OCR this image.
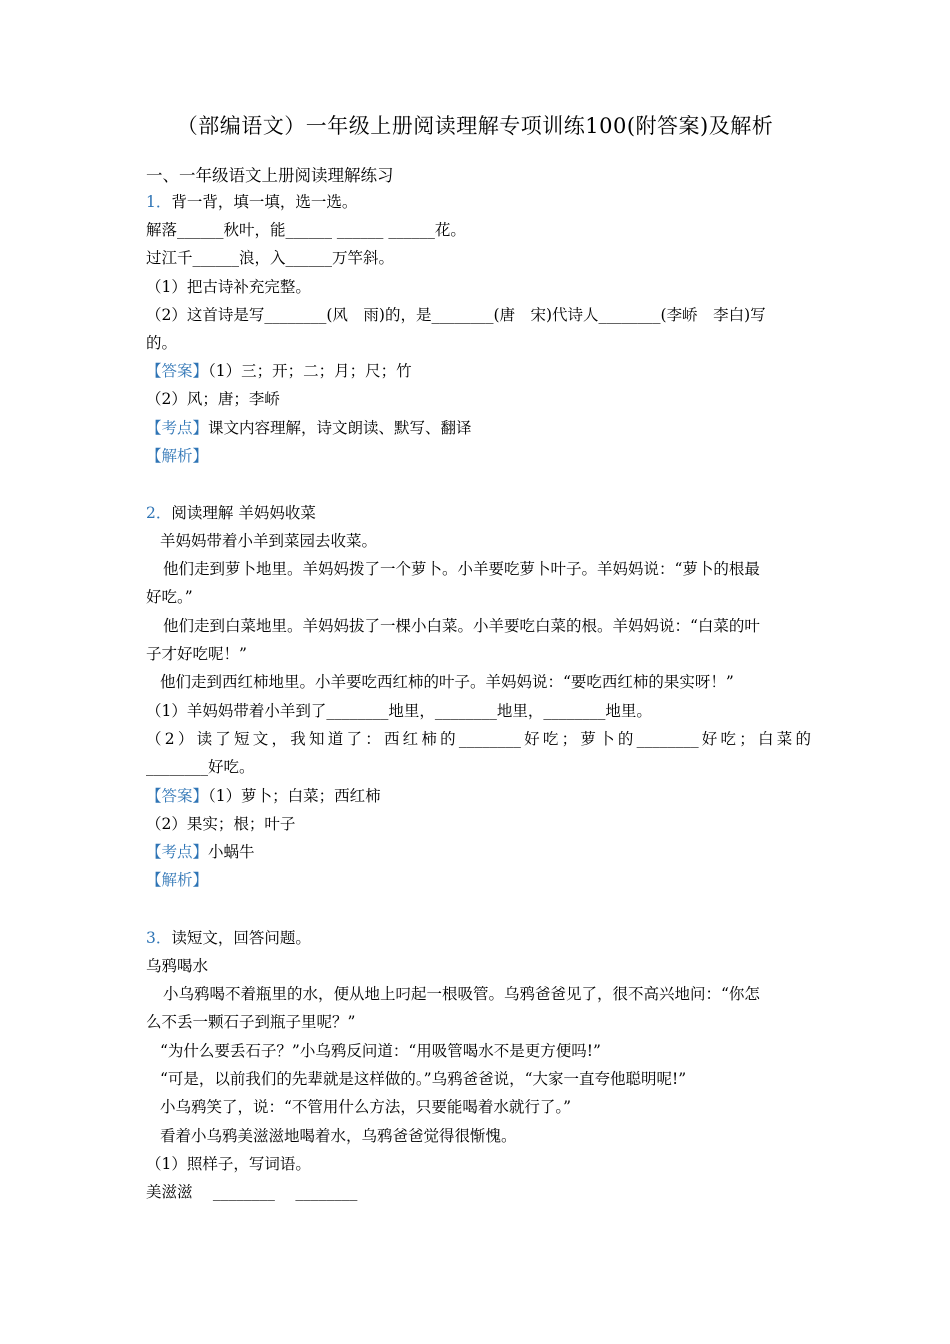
（部编语文）一年级上册阅读理解专项训练100(附答案)及解析
一、一年级语文上册阅读理解练习
1．背一背，填一填，选一选。
解落______秋叶，能______ ______ ______花。
过江千______浪，入______万竿斜。
（1）把古诗补充完整。
（2）这首诗是写________(风　雨)的，是________(唐　宋)代诗人________(李峤　李白)写
的。
【答案】（1）三；开；二；月；尺；竹
（2）风；唐；李峤
【考点】课文内容理解，诗文朗读、默写、翻译
【解析】
2．阅读理解 羊妈妈收菜
羊妈妈带着小羊到菜园去收菜。
他们走到萝卜地里。羊妈妈拨了一个萝卜。小羊要吃萝卜叶子。羊妈妈说：“萝卜的根最
好吃。”
他们走到白菜地里。羊妈妈拔了一棵小白菜。小羊要吃白菜的根。羊妈妈说：“白菜的叶
子才好吃呢！”
他们走到西红柿地里。小羊要吃西红柿的叶子。羊妈妈说：“要吃西红柿的果实呀！”
（1）羊妈妈带着小羊到了________地里，________地里，________地里。
（2）读了短文，我知道了：西红柿的________好吃；萝卜的________好吃；白菜的
________好吃。
【答案】（1）萝卜；白菜；西红柿
（2）果实；根；叶子
【考点】小蜗牛
【解析】
3．读短文，回答问题。
乌鸦喝水
小乌鸦喝不着瓶里的水，便从地上叼起一根吸管。乌鸦爸爸见了，很不高兴地问：“你怎
么不丢一颗石子到瓶子里呢？”
“为什么要丢石子？”小乌鸦反问道：“用吸管喝水不是更方便吗!”
“可是，以前我们的先辈就是这样做的。”乌鸦爸爸说，“大家一直夸他聪明呢!”
小乌鸦笑了，说：“不管用什么方法，只要能喝着水就行了。”
看着小乌鸦美滋滋地喝着水，乌鸦爸爸觉得很惭愧。
（1）照样子，写词语。
美滋滋　 ________　 ________
